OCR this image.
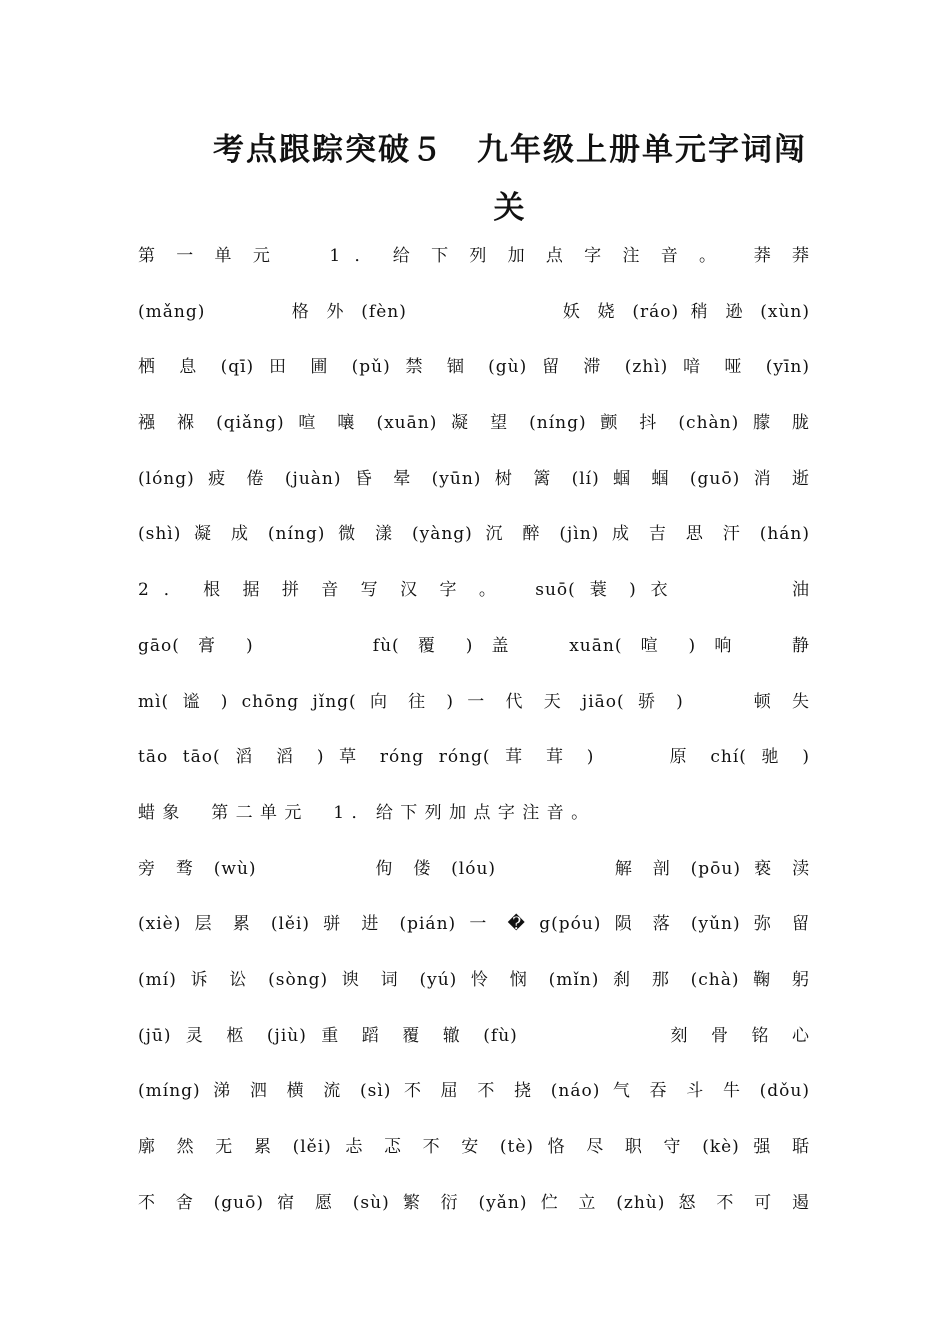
考点跟踪突破５　九年级上册单元字词闯
关
第 一 单 元 　 1 ． 给 下 列 加 点 字 注 音 。　 莽 莽
(mǎng)　　　 格 外 (fèn)　　　　　　 妖 娆 (ráo) 稍 逊 (xùn)
栖 息 (qī) 田 圃 (pǔ) 禁 锢 (gù) 留 滞 (zhì) 喑 哑 (yīn)
襁 褓 (qiǎng) 喧 嚷 (xuān) 凝 望 (níng) 颤 抖 (chàn) 朦 胧
(lóng) 疲 倦 (juàn) 昏 晕 (yūn) 树 篱 (lí) 蝈 蝈 (guō) 消 逝
(shì) 凝 成 (níng) 微 漾 (yàng) 沉 醉 (jìn) 成 吉 思 汗 (hán)
2 ． 根 据 拼 音 写 汉 字 。　 suō( 蓑 ) 衣　　　　 油
gāo( 膏 )　　　 fù( 覆 ) 盖　 xuān( 喧 ) 响　 静
mì( 谧 ) chōng jǐng( 向 往 ) 一 代 天 jiāo( 骄 )　　 顿 失
tāo tāo( 滔 滔 ) 草 róng róng( 茸 茸 )　　 原 chí( 驰 )
蜡 象 　 第 二 单 元 　 1 ． 给 下 列 加 点 字 注 音 。
旁 骛 (wù)　　　　 佝 偻 (lóu)　　　　 解 剖 (pōu) 亵 渎
(xiè) 层 累 (lěi) 骈 进 (pián) 一 � g(póu) 陨 落 (yǔn) 弥 留
(mí) 诉 讼 (sòng) 谀 词 (yú) 怜 悯 (mǐn) 刹 那 (chà) 鞠 躬
(jū) 灵 柩 (jiù) 重 蹈 覆 辙 (fù)　　　　　 刻 骨 铭 心
(míng) 涕 泗 横 流 (sì) 不 屈 不 挠 (náo) 气 吞 斗 牛 (dǒu)
廓 然 无 累 (lěi) 忐 忑 不 安 (tè) 恪 尽 职 守 (kè) 强 聒
不 舍 (guō) 宿 愿 (sù) 繁 衍 (yǎn) 伫 立 (zhù) 怒 不 可 遏
